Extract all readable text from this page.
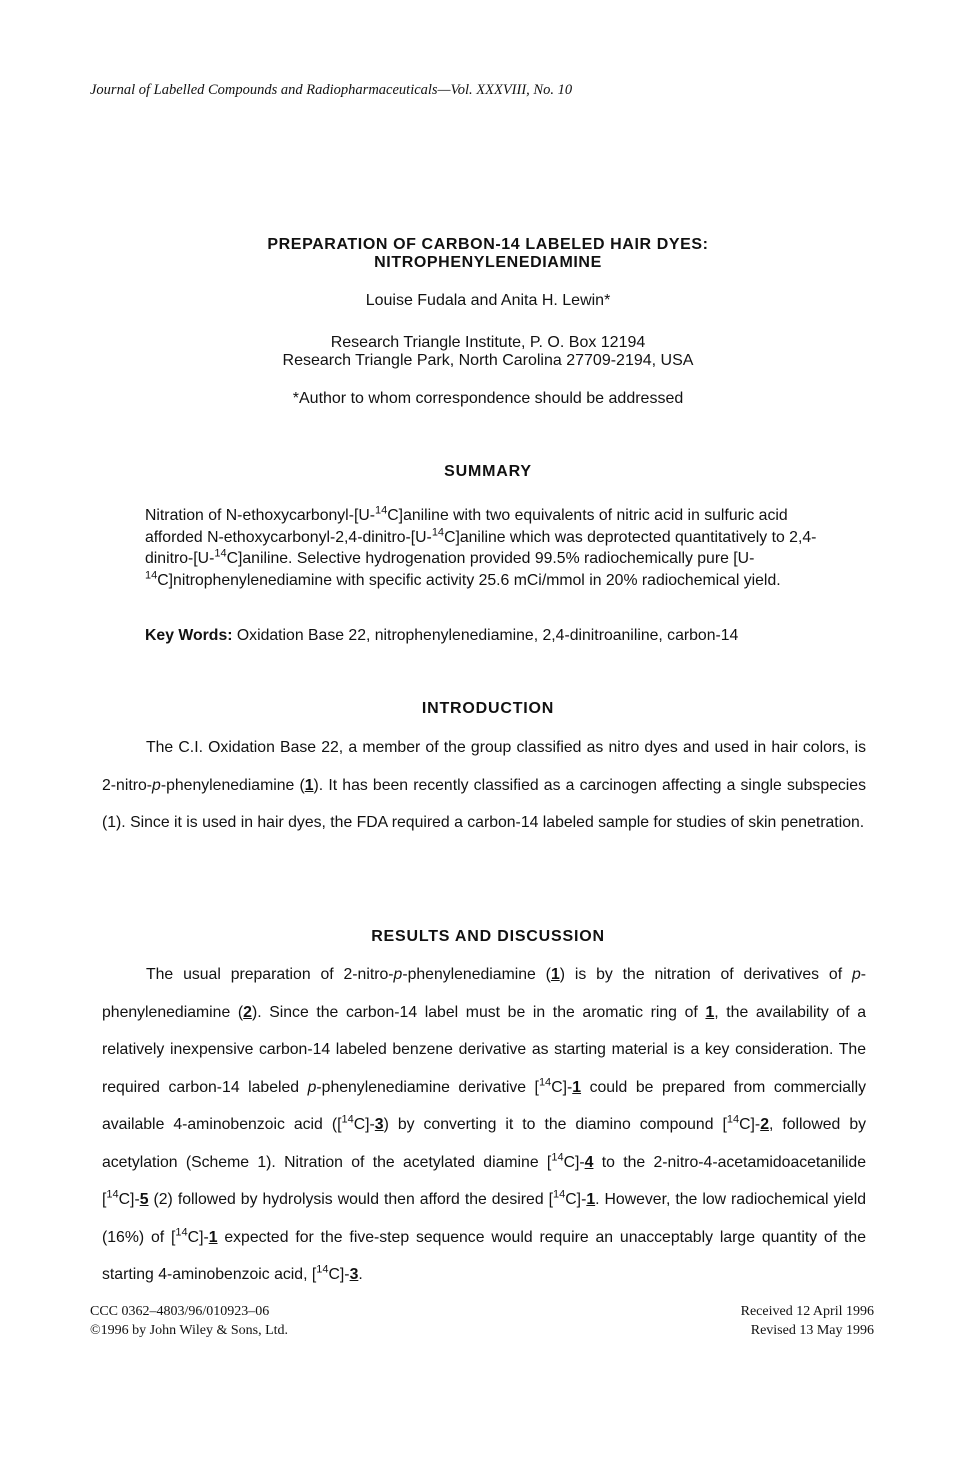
Journal of Labelled Compounds and Radiopharmaceuticals—Vol. XXXVIII, No. 10
PREPARATION OF CARBON-14 LABELED HAIR DYES:
NITROPHENYLENEDIAMINE
Louise Fudala and Anita H. Lewin*
Research Triangle Institute, P. O. Box 12194
Research Triangle Park, North Carolina 27709-2194, USA
*Author to whom correspondence should be addressed
SUMMARY
Nitration of N-ethoxycarbonyl-[U-$^{14}$C]aniline with two equivalents of nitric acid in sulfuric acid afforded N-ethoxycarbonyl-2,4-dinitro-[U-$^{14}$C]aniline which was deprotected quantitatively to 2,4-dinitro-[U-$^{14}$C]aniline. Selective hydrogenation provided 99.5% radiochemically pure [U-$^{14}$C]nitrophenylenediamine with specific activity 25.6 mCi/mmol in 20% radiochemical yield.
Key Words: Oxidation Base 22, nitrophenylenediamine, 2,4-dinitroaniline, carbon-14
INTRODUCTION
The C.I. Oxidation Base 22, a member of the group classified as nitro dyes and used in hair colors, is 2-nitro-p-phenylenediamine (1). It has been recently classified as a carcinogen affecting a single subspecies (1). Since it is used in hair dyes, the FDA required a carbon-14 labeled sample for studies of skin penetration.
RESULTS AND DISCUSSION
The usual preparation of 2-nitro-p-phenylenediamine (1) is by the nitration of derivatives of p-phenylenediamine (2). Since the carbon-14 label must be in the aromatic ring of 1, the availability of a relatively inexpensive carbon-14 labeled benzene derivative as starting material is a key consideration. The required carbon-14 labeled p-phenylenediamine derivative [$^{14}$C]-1 could be prepared from commercially available 4-aminobenzoic acid ([$^{14}$C]-3) by converting it to the diamino compound [$^{14}$C]-2, followed by acetylation (Scheme 1). Nitration of the acetylated diamine [$^{14}$C]-4 to the 2-nitro-4-acetamidoacetanilide [$^{14}$C]-5 (2) followed by hydrolysis would then afford the desired [$^{14}$C]-1. However, the low radiochemical yield (16%) of [$^{14}$C]-1 expected for the five-step sequence would require an unacceptably large quantity of the starting 4-aminobenzoic acid, [$^{14}$C]-3.
CCC 0362–4803/96/010923–06
©1996 by John Wiley & Sons, Ltd.
Received 12 April 1996
Revised 13 May 1996
